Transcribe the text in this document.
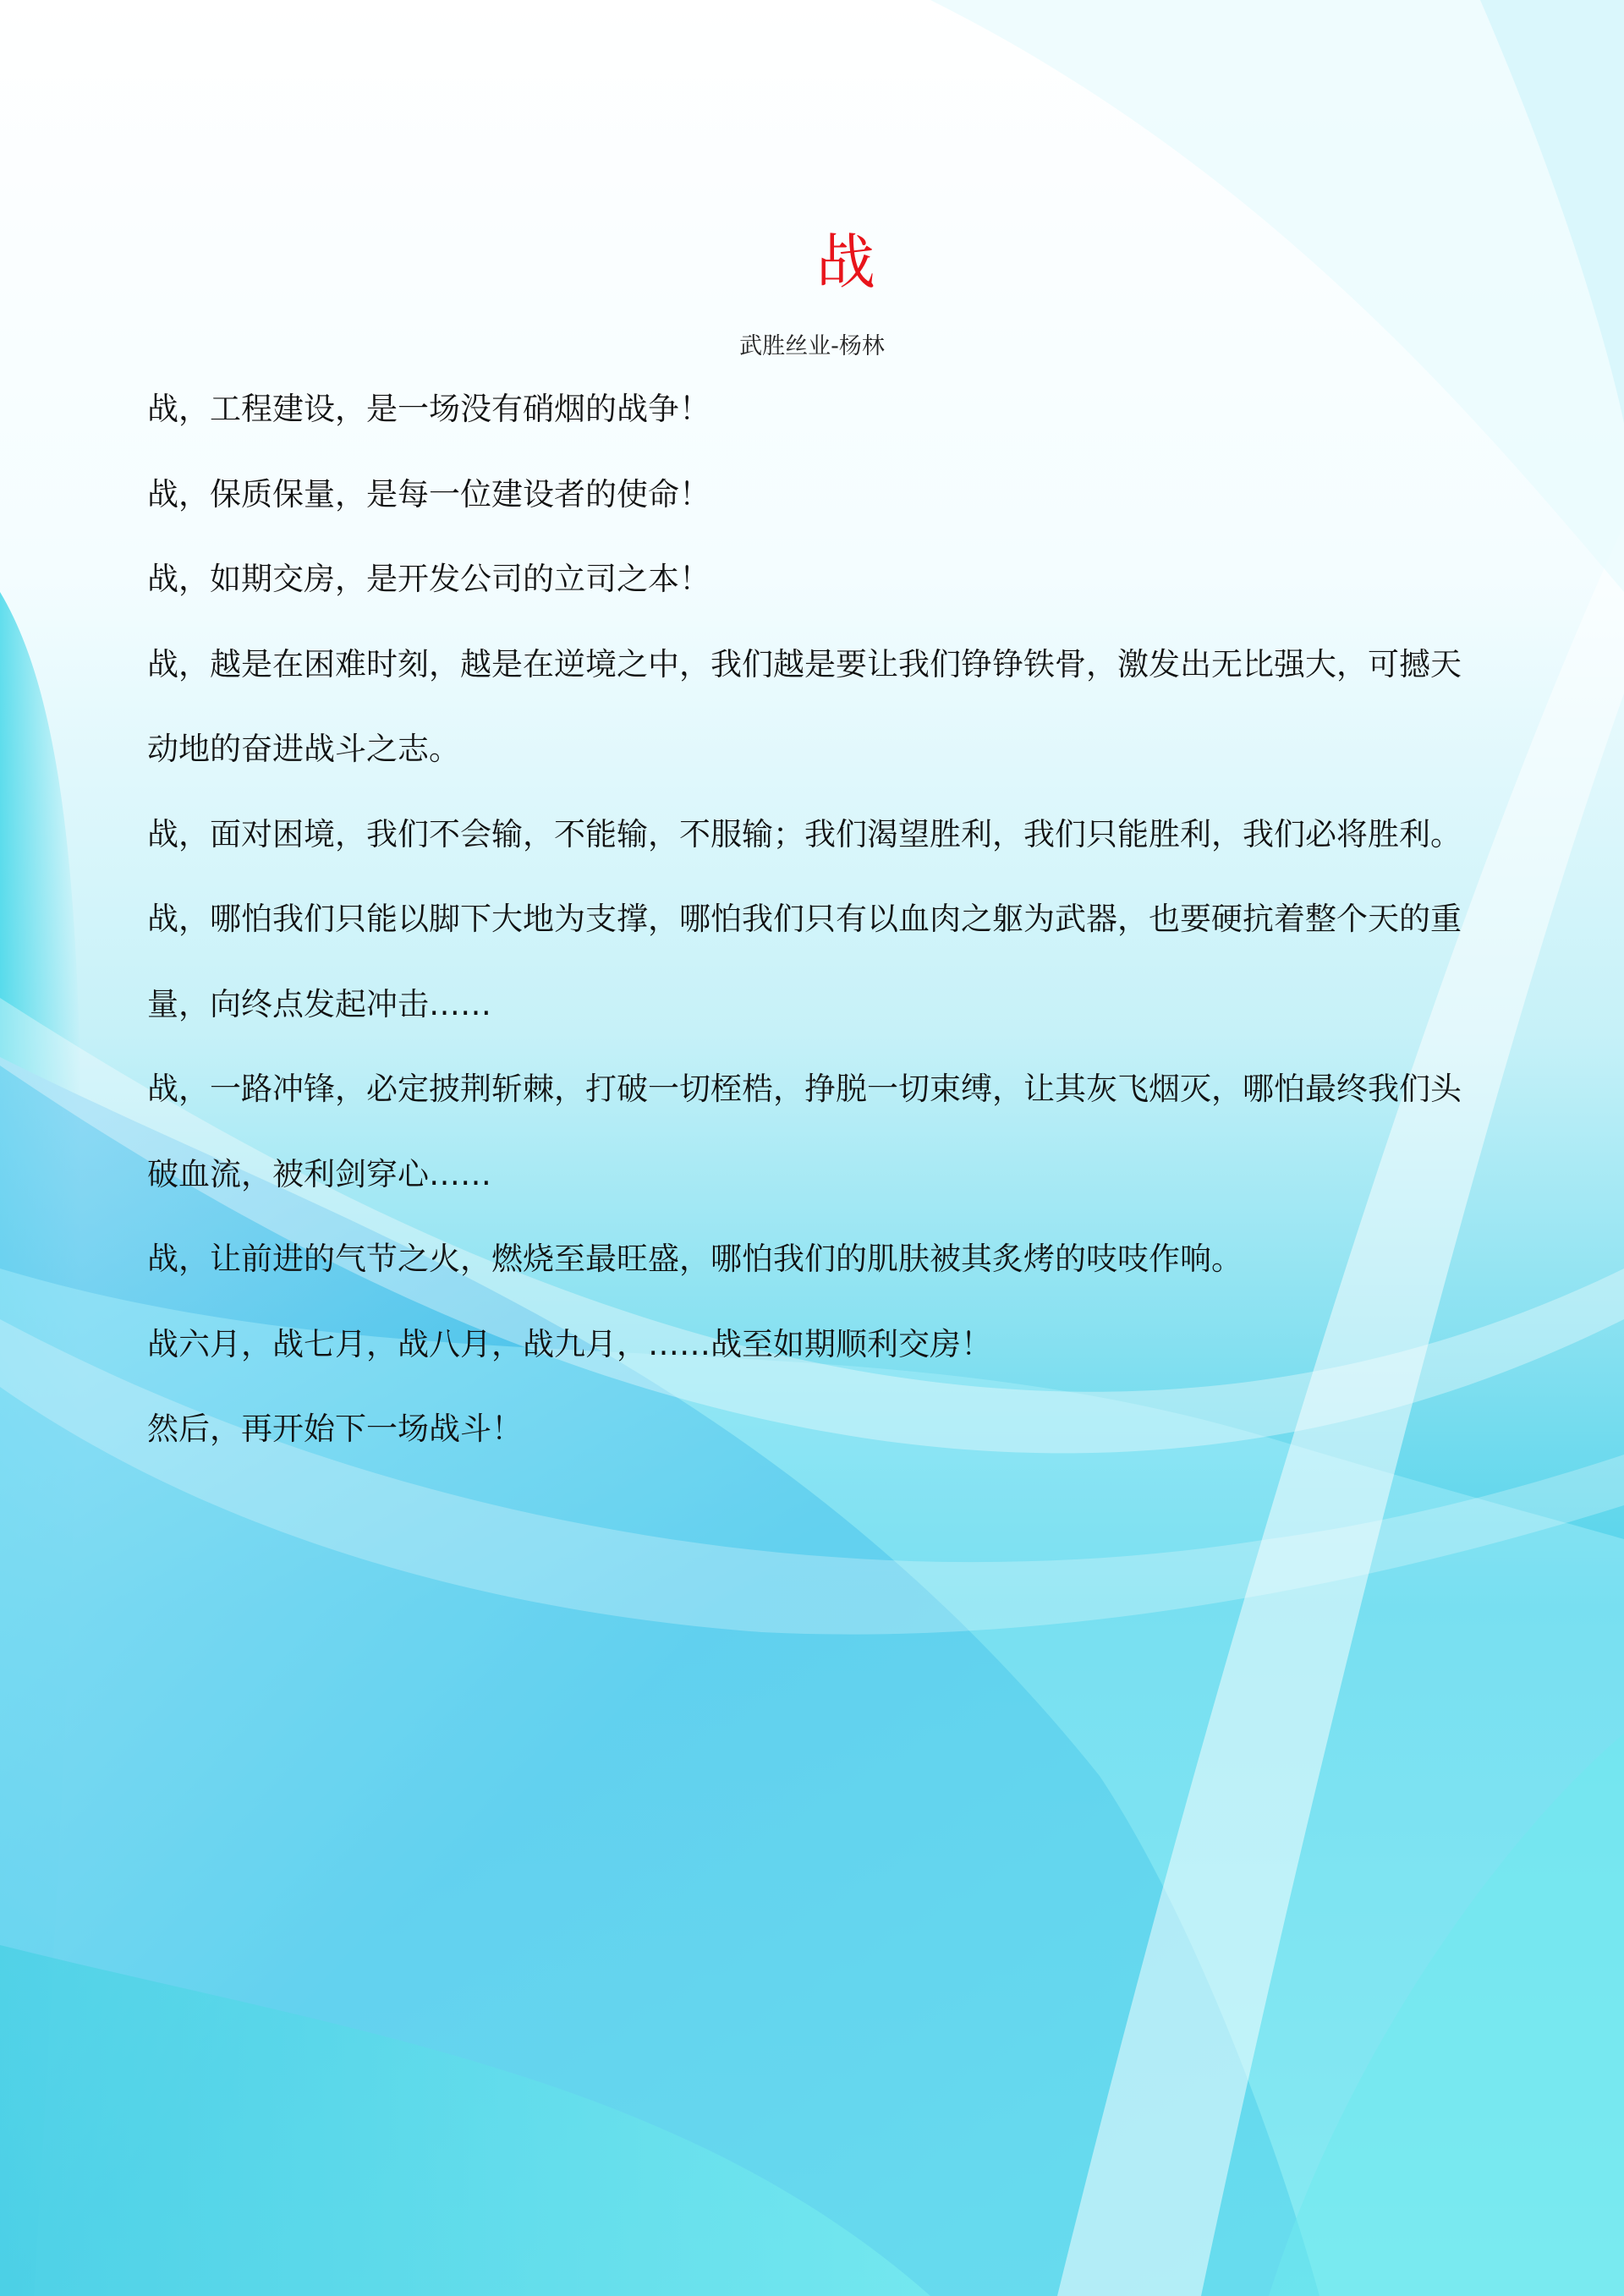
战
武胜丝业-杨林

战，工程建设，是一场没有硝烟的战争！

战，保质保量，是每一位建设者的使命！

战，如期交房，是开发公司的立司之本！

战，越是在困难时刻，越是在逆境之中，我们越是要让我们铮铮铁骨，激发出无比强大，可撼天动地的奋进战斗之志。

战，面对困境，我们不会输，不能输，不服输；我们渴望胜利，我们只能胜利，我们必将胜利。

战，哪怕我们只能以脚下大地为支撑，哪怕我们只有以血肉之躯为武器，也要硬抗着整个天的重量，向终点发起冲击……

战，一路冲锋，必定披荆斩棘，打破一切桎梏，挣脱一切束缚，让其灰飞烟灭，哪怕最终我们头破血流，被利剑穿心……

战，让前进的气节之火，燃烧至最旺盛，哪怕我们的肌肤被其炙烤的吱吱作响。

战六月，战七月，战八月，战九月，……战至如期顺利交房！

然后，再开始下一场战斗！
